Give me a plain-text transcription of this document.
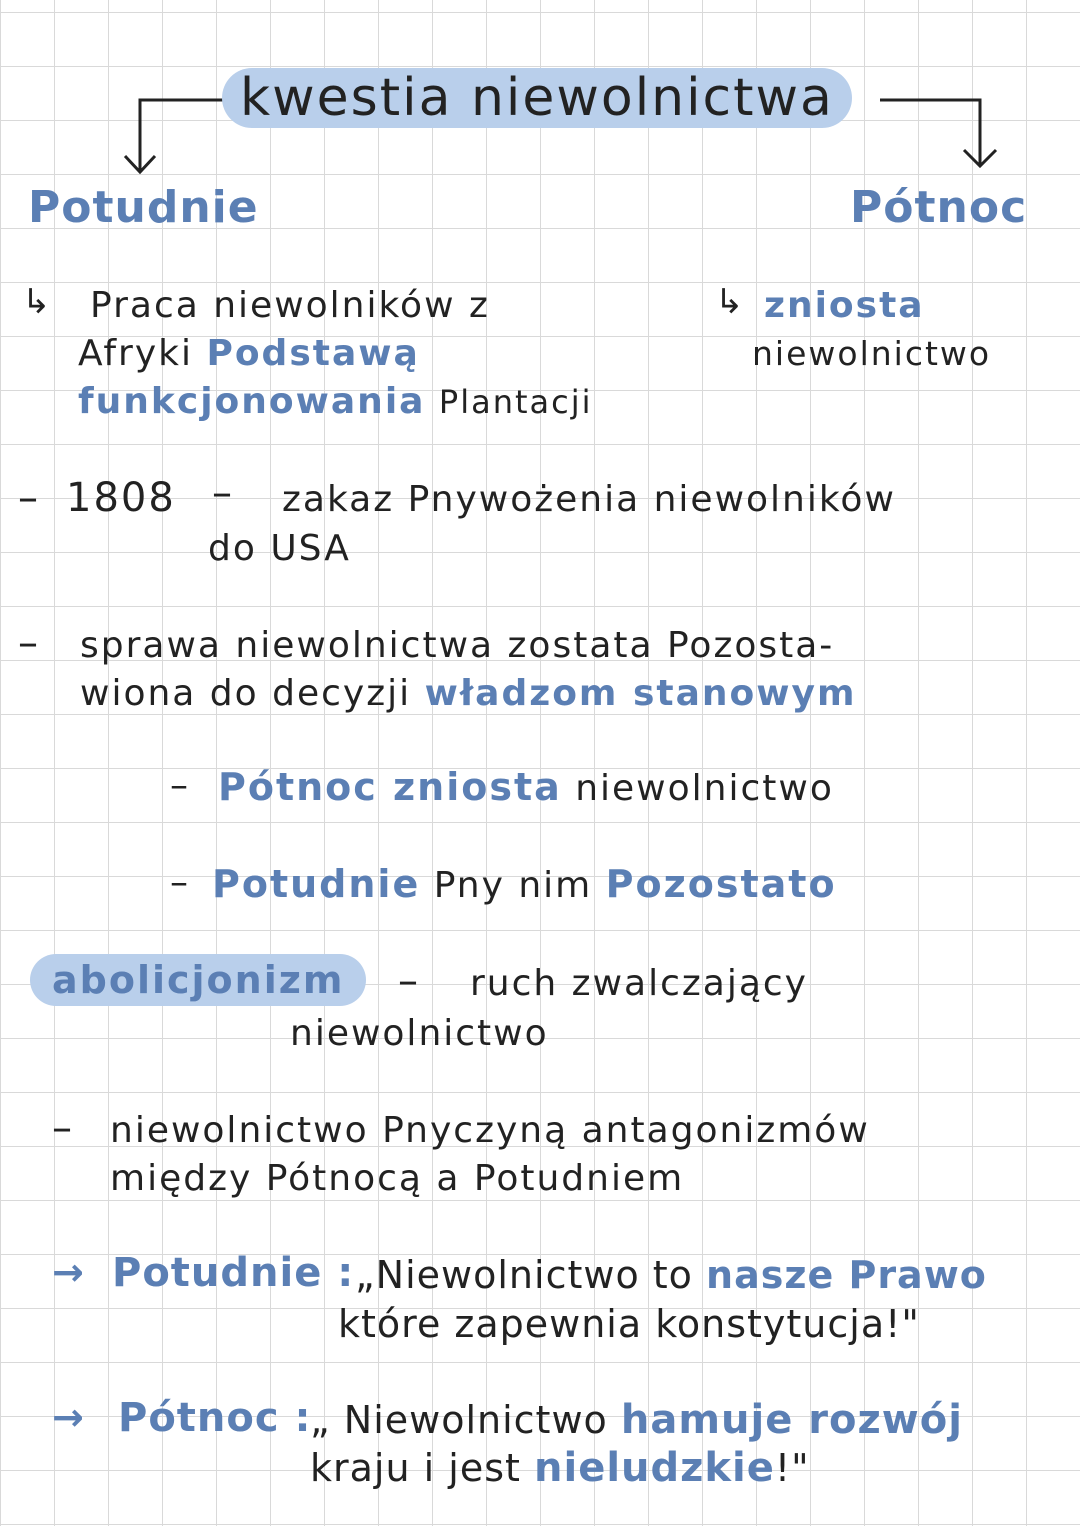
kwestia niewolnictwa
Potudnie
↳ Praca niewolników z
Afryki Podstawą
funkcjonowania Plantacji
Pótnoc
↳ zniosta
niewolnictwo
– 1808 – zakaz Pnywożenia niewolników
do USA
– sprawa niewolnictwa zostata Pozosta-
wiona do decyzji władzom stanowym
– Pótnoc zniosta niewolnictwo
– Potudnie Pny nim Pozostato
abolicjonizm	– ruch zwalczający
niewolnictwo
– niewolnictwo Pnyczyną antagonizmów
między Pótnocą a Potudniem
→ Potudnie : „Niewolnictwo to nasze Prawo
które zapewnia konstytucja!"
→ Pótnoc :
„ Niewolnictwo hamuje rozwój
kraju i jest nieludzkie!"
